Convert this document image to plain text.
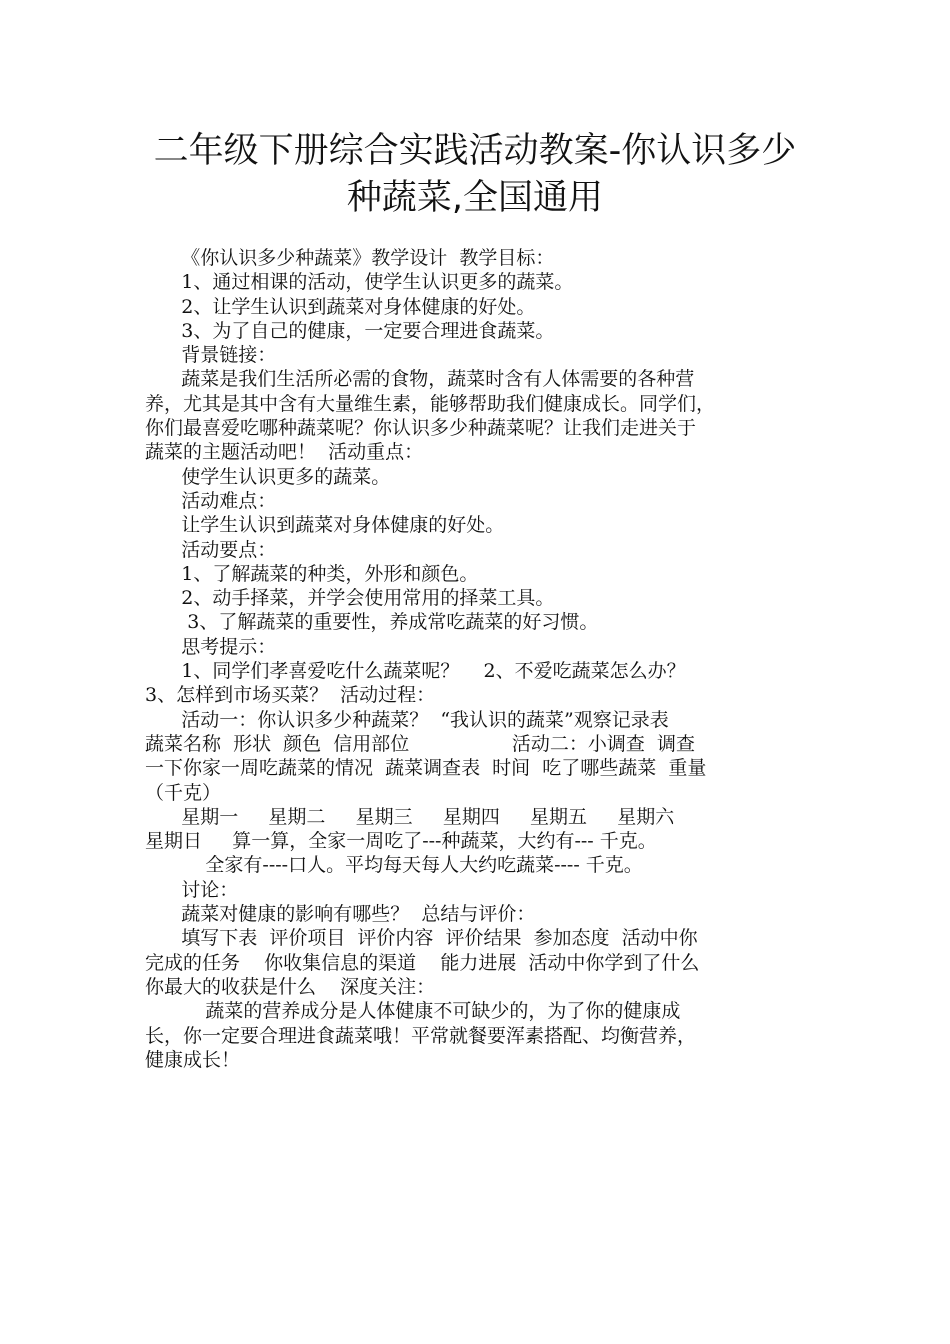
二年级下册综合实践活动教案-你认识多少
种蔬菜,全国通用
《你认识多少种蔬菜》教学设计  教学目标：
1、通过相课的活动，使学生认识更多的蔬菜。
2、让学生认识到蔬菜对身体健康的好处。
3、为了自己的健康，一定要合理进食蔬菜。
背景链接：
蔬菜是我们生活所必需的食物，蔬菜时含有人体需要的各种营
养，尤其是其中含有大量维生素，能够帮助我们健康成长。同学们，
你们最喜爱吃哪种蔬菜呢？你认识多少种蔬菜呢？让我们走进关于
蔬菜的主题活动吧！  活动重点：
使学生认识更多的蔬菜。
活动难点：
让学生认识到蔬菜对身体健康的好处。
活动要点：
1、了解蔬菜的种类，外形和颜色。
2、动手择菜，并学会使用常用的择菜工具。
3、了解蔬菜的重要性，养成常吃蔬菜的好习惯。
思考提示：
1、同学们孝喜爱吃什么蔬菜呢？    2、不爱吃蔬菜怎么办？
3、怎样到市场买菜？  活动过程：
活动一：你认识多少种蔬菜？  “我认识的蔬菜”观察记录表
蔬菜名称  形状  颜色  信用部位                 活动二：小调查  调查
一下你家一周吃蔬菜的情况  蔬菜调查表  时间  吃了哪些蔬菜  重量
（千克）
星期一     星期二     星期三     星期四     星期五     星期六
星期日     算一算，全家一周吃了---种蔬菜，大约有--- 千克。
全家有----口人。平均每天每人大约吃蔬菜---- 千克。
讨论：
蔬菜对健康的影响有哪些？  总结与评价：
填写下表  评价项目  评价内容  评价结果  参加态度  活动中你
完成的任务    你收集信息的渠道    能力进展  活动中你学到了什么
你最大的收获是什么    深度关注：
蔬菜的营养成分是人体健康不可缺少的，为了你的健康成
长，你一定要合理进食蔬菜哦！平常就餐要浑素搭配、均衡营养，
健康成长！
